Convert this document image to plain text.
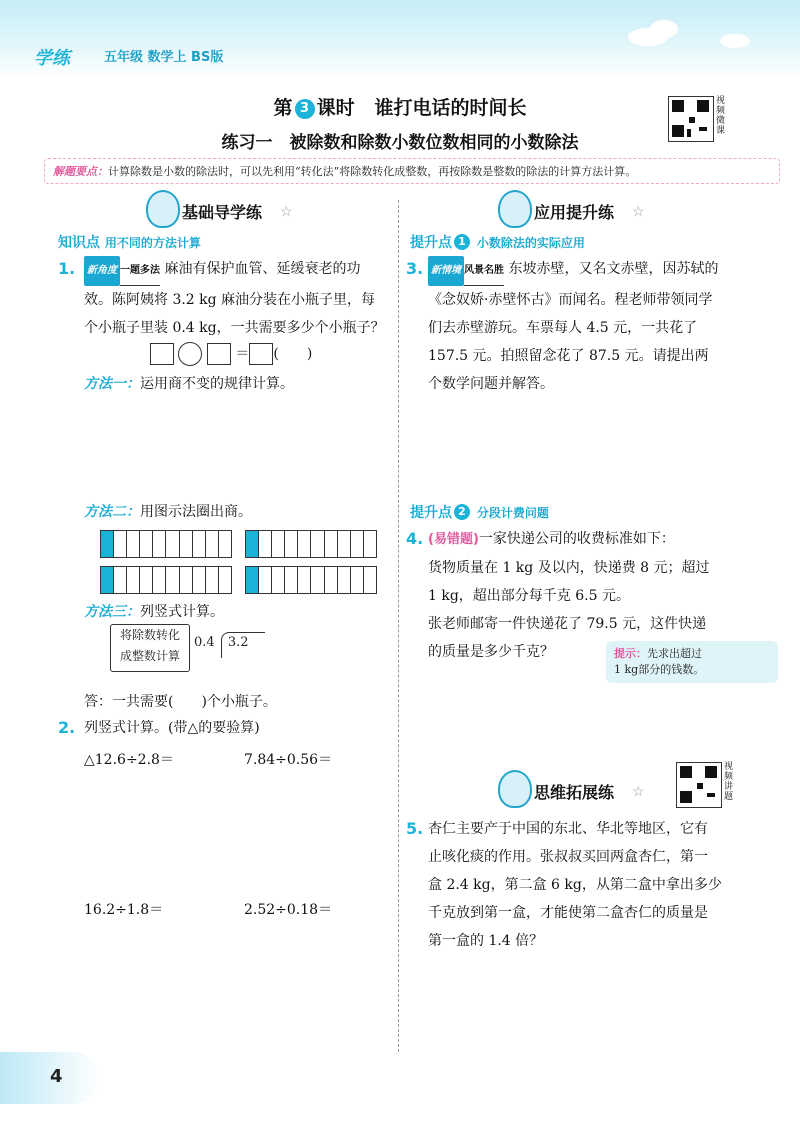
学练	五年级 数学上 BS版
第 3 课时 谁打电话的时间长
练习一　被除数和除数小数位数相同的小数除法
视
频
微
课
解题要点：计算除数是小数的除法时，可以先利用“转化法”将除数转化成整数，再按除数是整数的除法的计算方法计算。
基础导学练 ☆
知识点 用不同的方法计算
1.	新角度 一题多法 麻油有保护血管、延缓衰老的功
效。陈阿姨将 3.2 kg 麻油分装在小瓶子里，每
个小瓶子里装 0.4 kg，一共需要多少个小瓶子？
＝ (　　)
方法一：运用商不变的规律计算。
方法二：用图示法圈出商。
方法三：列竖式计算。
将除数转化
成整数计算
0.4 3.2
答：一共需要(　　)个小瓶子。
2. 列竖式计算。(带△的要验算)
△12.6÷2.8＝	7.84÷0.56＝
16.2÷1.8＝	2.52÷0.18＝
应用提升练 ☆
提升点 1 小数除法的实际应用
3. 新情境 风景名胜 东坡赤壁，又名文赤壁，因苏轼的
《念奴娇·赤壁怀古》而闻名。程老师带领同学
们去赤壁游玩。车票每人 4.5 元，一共花了
157.5 元。拍照留念花了 87.5 元。请提出两
个数学问题并解答。
提升点 2 分段计费问题
4. (易错题)一家快递公司的收费标准如下：
货物质量在 1 kg 及以内，快递费 8 元；超过
1 kg，超出部分每千克 6.5 元。
张老师邮寄一件快递花了 79.5 元，这件快递
的质量是多少千克？	提示：先求出超过
1 kg部分的钱数。
思维拓展练 ☆
视
频
讲
题
5. 杏仁主要产于中国的东北、华北等地区，它有
止咳化痰的作用。张叔叔买回两盒杏仁，第一
盒 2.4 kg，第二盒 6 kg，从第二盒中拿出多少
千克放到第一盒，才能使第二盒杏仁的质量是
第一盒的 1.4 倍？
4
